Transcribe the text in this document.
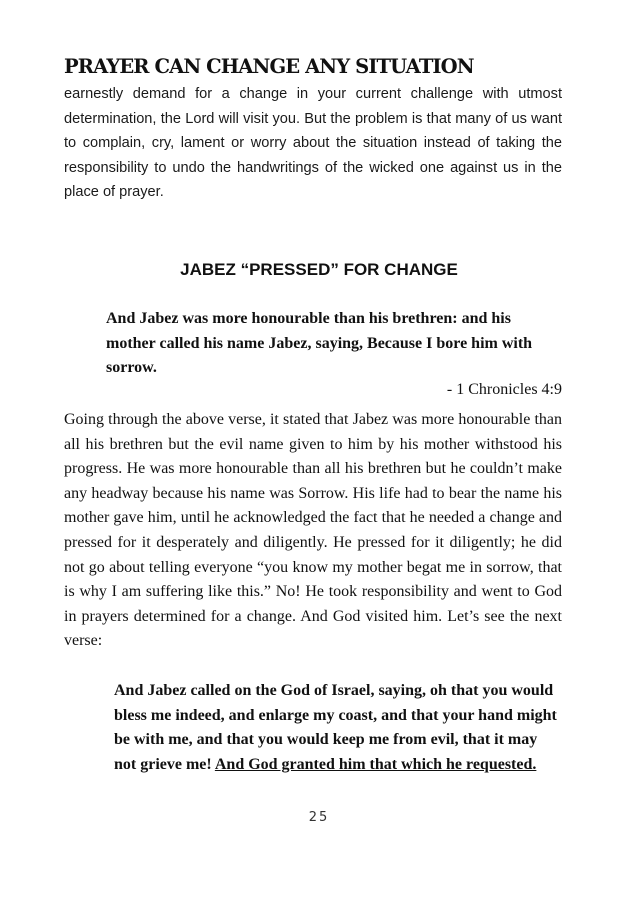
PRAYER CAN CHANGE ANY SITUATION

earnestly demand for a change in your current challenge with utmost determination, the Lord will visit you. But the problem is that many of us want to complain, cry, lament or worry about the situation instead of taking the responsibility to undo the handwritings of the wicked one against us in the place of prayer.

JABEZ “PRESSED” FOR CHANGE

And Jabez was more honourable than his brethren: and his mother called his name Jabez, saying, Because I bore him with sorrow.

- 1 Chronicles 4:9

Going through the above verse, it stated that Jabez was more honourable than all his brethren but the evil name given to him by his mother withstood his progress. He was more honourable than all his brethren but he couldn’t make any headway because his name was Sorrow. His life had to bear the name his mother gave him, until he acknowledged the fact that he needed a change and pressed for it desperately and diligently. He pressed for it diligently; he did not go about telling everyone “you know my mother begat me in sorrow, that is why I am suffering like this.” No! He took responsibility and went to God in prayers determined for a change. And God visited him. Let’s see the next verse:

And Jabez called on the God of Israel, saying, oh that you would bless me indeed, and enlarge my coast, and that your hand might be with me, and that you would keep me from evil, that it may not grieve me! And God granted him that which he requested.

25
